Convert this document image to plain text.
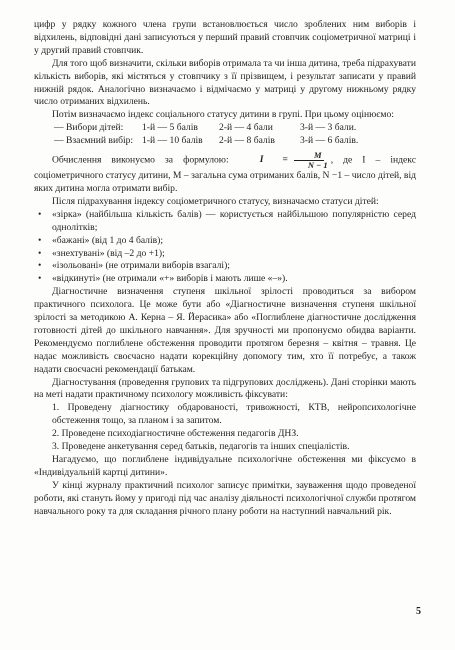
цифр у рядку кожного члена групи встановлюється число зроблених ним виборів і відхилень, відповідні дані записуються у перший правий стовпчик соціометричної матриці і у другий правий стовпчик.

Для того щоб визначити, скільки виборів отримала та чи інша дитина, треба підрахувати кількість виборів, які містяться у стовпчику з її прізвищем, і результат записати у правий нижній рядок. Аналогічно визначаємо і відмічаємо у матриці у другому нижньому рядку число отриманих відхилень.

Потім визначаємо індекс соціального статусу дитини в групі. При цьому оцінюємо:

— Вибори дітей:	1-й — 5 балів	2-й — 4 бали	3-й — 3 бали.
— Взаємний вибір: 1-й — 10 балів	2-й — 8 балів	3-й — 6 балів.

Обчислення виконуємо за формулою:	I	= $\frac{M}{N - 1}$ , де I – індекс соціометричного статусу дитини, М – загальна сума отриманих балів, N −1 – число дітей, від яких дитина могла отримати вибір.

Після підрахування індексу соціометричного статусу, визначаємо статуси дітей:

• «зірка» (найбільша кількість балів) — користується найбільшою популярністю серед однолітків;
• «бажані» (від 1 до 4 балів);
• «знехтувані» (від –2 до +1);
• «ізольовані» (не отримали виборів взагалі);
• «відкинуті» (не отримали «+» виборів і мають лише «–»).

Діагностичне визначення ступеня шкільної зрілості проводиться за вибором практичного психолога. Це може бути або «Діагностичне визначення ступеня шкільної зрілості за методикою А. Керна – Я. Йерасика» або «Поглиблене діагностичне дослідження готовності дітей до шкільного навчання». Для зручності ми пропонуємо обидва варіанти. Рекомендуємо поглиблене обстеження проводити протягом березня – квітня – травня. Це надає можливість своєчасно надати корекційну допомогу тим, хто її потребує, а також надати своєчасні рекомендації батькам.

Діагностування (проведення групових та підгрупових досліджень). Дані сторінки мають на меті надати практичному психологу можливість фіксувати:

1. Проведену діагностику обдарованості, тривожності, КТВ, нейропсихологічне обстеження тощо, за планом і за запитом.
2. Проведене психодіагностичне обстеження педагогів ДНЗ.
3. Проведене анкетування серед батьків, педагогів та інших спеціалістів.

Нагадуємо, що поглиблене індивідуальне психологічне обстеження ми фіксуємо в «Індивідуальній картці дитини».

У кінці журналу практичний психолог записує примітки, зауваження щодо проведеної роботи, які стануть йому у пригоді під час аналізу діяльності психологічної служби протягом навчального року та для складання річного плану роботи на наступний навчальний рік.

5
